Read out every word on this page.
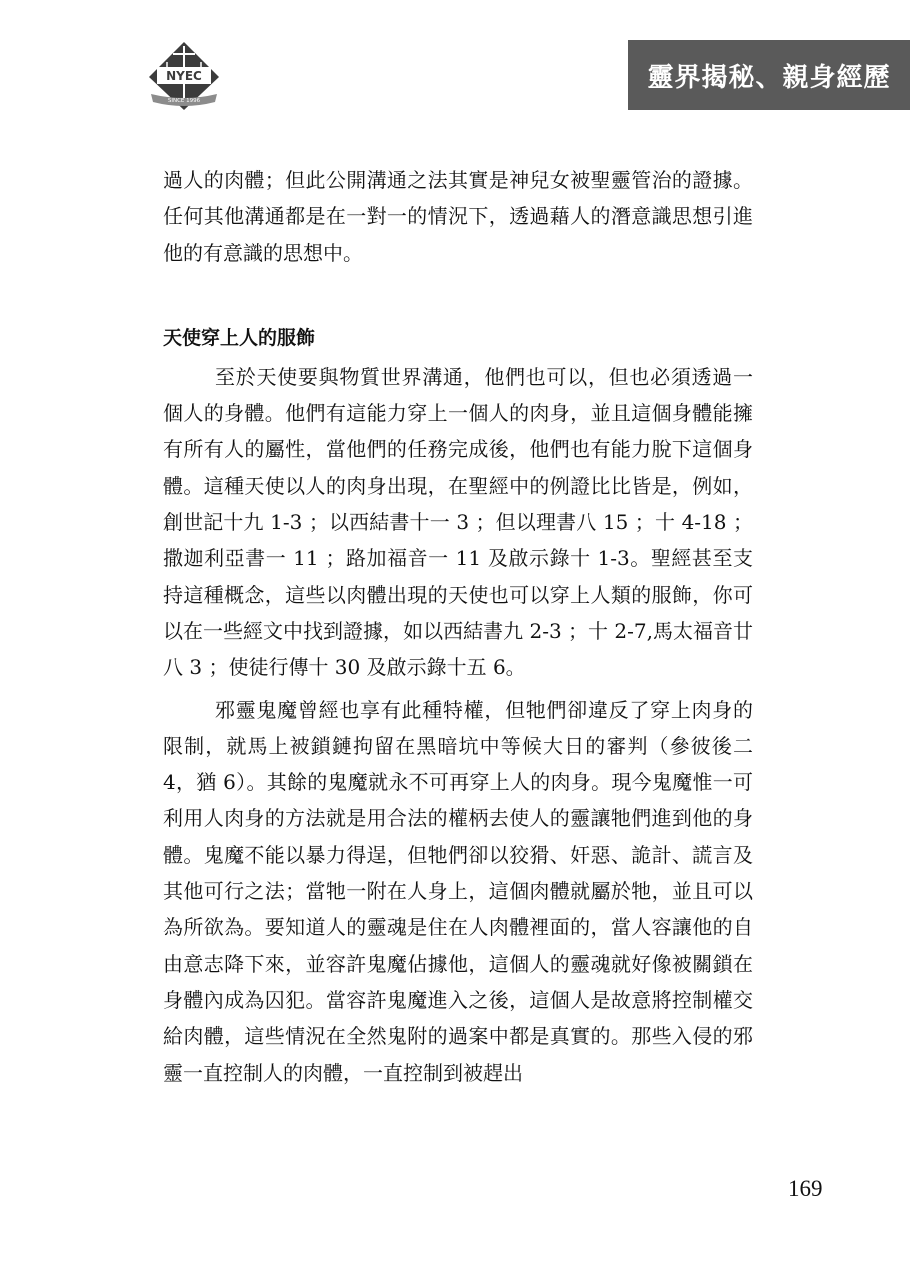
NYEC
SINCE 1996
靈界揭秘、親身經歷

過人的肉體；但此公開溝通之法其實是神兒女被聖靈管治的證據。任何其他溝通都是在一對一的情況下，透過藉人的潛意識思想引進他的有意識的思想中。

天使穿上人的服飾

至於天使要與物質世界溝通，他們也可以，但也必須透過一個人的身體。他們有這能力穿上一個人的肉身，並且這個身體能擁有所有人的屬性，當他們的任務完成後，他們也有能力脫下這個身體。這種天使以人的肉身出現，在聖經中的例證比比皆是，例如，創世記十九 1-3 ；以西結書十一 3 ；但以理書八 15 ；十 4-18 ；撒迦利亞書一 11 ；路加福音一 11 及啟示錄十 1-3。聖經甚至支持這種概念，這些以肉體出現的天使也可以穿上人類的服飾，你可以在一些經文中找到證據，如以西結書九 2-3 ；十 2-7,馬太福音廿八 3 ；使徒行傳十 30 及啟示錄十五 6。

邪靈鬼魔曾經也享有此種特權，但牠們卻違反了穿上肉身的限制，就馬上被鎖鏈拘留在黑暗坑中等候大日的審判（參彼後二 4，猶 6）。其餘的鬼魔就永不可再穿上人的肉身。現今鬼魔惟一可利用人肉身的方法就是用合法的權柄去使人的靈讓牠們進到他的身體。鬼魔不能以暴力得逞，但牠們卻以狡猾、奸惡、詭計、謊言及其他可行之法；當牠一附在人身上，這個肉體就屬於牠，並且可以為所欲為。要知道人的靈魂是住在人肉體裡面的，當人容讓他的自由意志降下來，並容許鬼魔佔據他，這個人的靈魂就好像被關鎖在身體內成為囚犯。當容許鬼魔進入之後，這個人是故意將控制權交給肉體，這些情況在全然鬼附的過案中都是真實的。那些入侵的邪靈一直控制人的肉體，一直控制到被趕出

169
